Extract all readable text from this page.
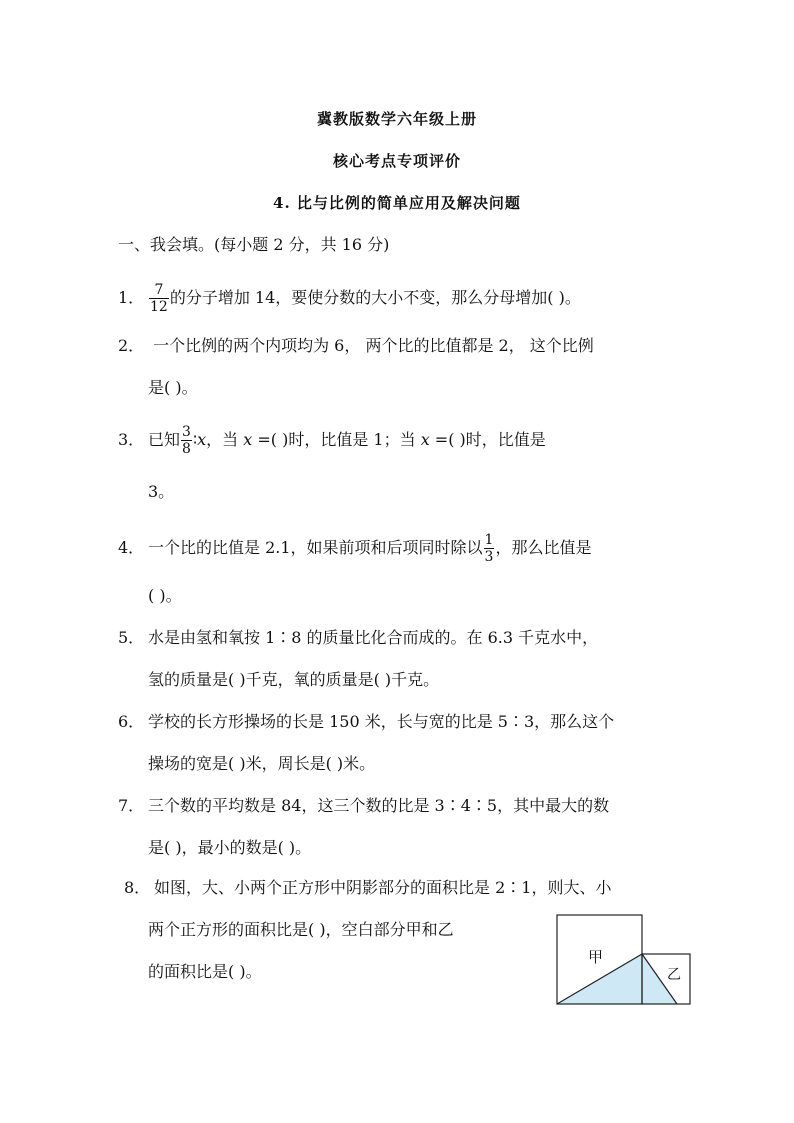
冀教版数学六年级上册
核心考点专项评价
4. 比与比例的简单应用及解决问题
一、我会填。(每小题 2 分，共 16 分)
1． $\frac{7}{12}$ 的分子增加 14，要使分数的大小不变，那么分母增加( )。
2． 一个比例的两个内项均为 6， 两个比的比值都是 2， 这个比例
是( )。
3． 已知 $\frac{3}{8}$ ∶x，当 x =( )时，比值是 1；当 x =( )时，比值是
3。
4． 一个比的比值是 2.1，如果前项和后项同时除以 $\frac{1}{3}$ ，那么比值是
( )。
5． 水是由氢和氧按 1∶8 的质量比化合而成的。在 6.3 千克水中，
氢的质量是( )千克，氧的质量是( )千克。
6． 学校的长方形操场的长是 150 米，长与宽的比是 5∶3，那么这个
操场的宽是( )米，周长是( )米。
7． 三个数的平均数是 84，这三个数的比是 3∶4∶5，其中最大的数
是( )，最小的数是( )。
8． 如图，大、小两个正方形中阴影部分的面积比是 2∶1，则大、小
两个正方形的面积比是( )，空白部分甲和乙
的面积比是( )。
甲
乙
